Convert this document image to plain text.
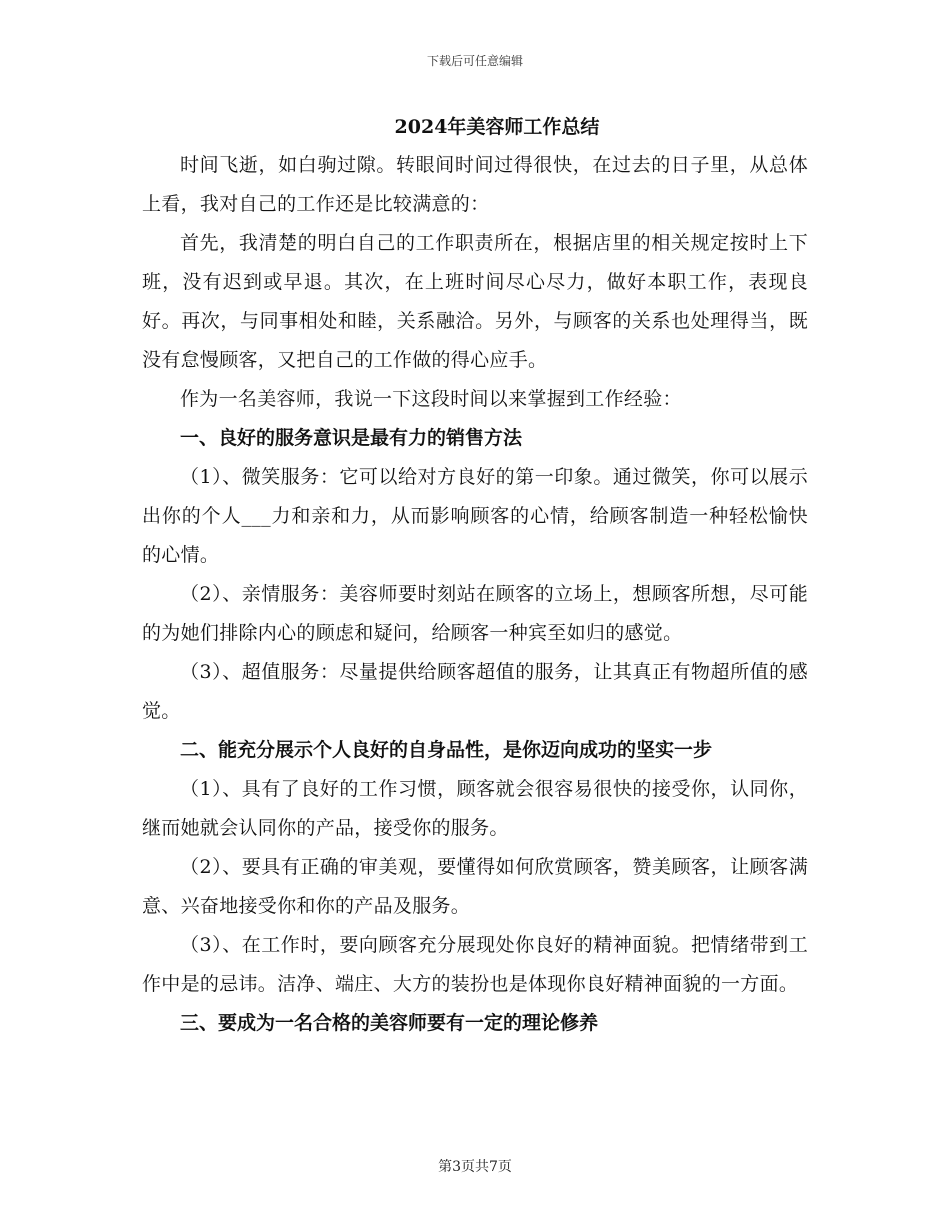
下载后可任意编辑
2024年美容师工作总结

时间飞逝，如白驹过隙。转眼间时间过得很快，在过去的日子里，从总体上看，我对自己的工作还是比较满意的：

首先，我清楚的明白自己的工作职责所在，根据店里的相关规定按时上下班，没有迟到或早退。其次，在上班时间尽心尽力，做好本职工作，表现良好。再次，与同事相处和睦，关系融洽。另外，与顾客的关系也处理得当，既没有怠慢顾客，又把自己的工作做的得心应手。

作为一名美容师，我说一下这段时间以来掌握到工作经验：

一、良好的服务意识是最有力的销售方法

（1）、微笑服务：它可以给对方良好的第一印象。通过微笑，你可以展示出你的个人___力和亲和力，从而影响顾客的心情，给顾客制造一种轻松愉快的心情。

（2）、亲情服务：美容师要时刻站在顾客的立场上，想顾客所想，尽可能的为她们排除内心的顾虑和疑问，给顾客一种宾至如归的感觉。

（3）、超值服务：尽量提供给顾客超值的服务，让其真正有物超所值的感觉。

二、能充分展示个人良好的自身品性，是你迈向成功的坚实一步

（1）、具有了良好的工作习惯，顾客就会很容易很快的接受你，认同你，继而她就会认同你的产品，接受你的服务。

（2）、要具有正确的审美观，要懂得如何欣赏顾客，赞美顾客，让顾客满意、兴奋地接受你和你的产品及服务。

（3）、在工作时，要向顾客充分展现处你良好的精神面貌。把情绪带到工作中是的忌讳。洁净、端庄、大方的装扮也是体现你良好精神面貌的一方面。

三、要成为一名合格的美容师要有一定的理论修养

第3页共7页
